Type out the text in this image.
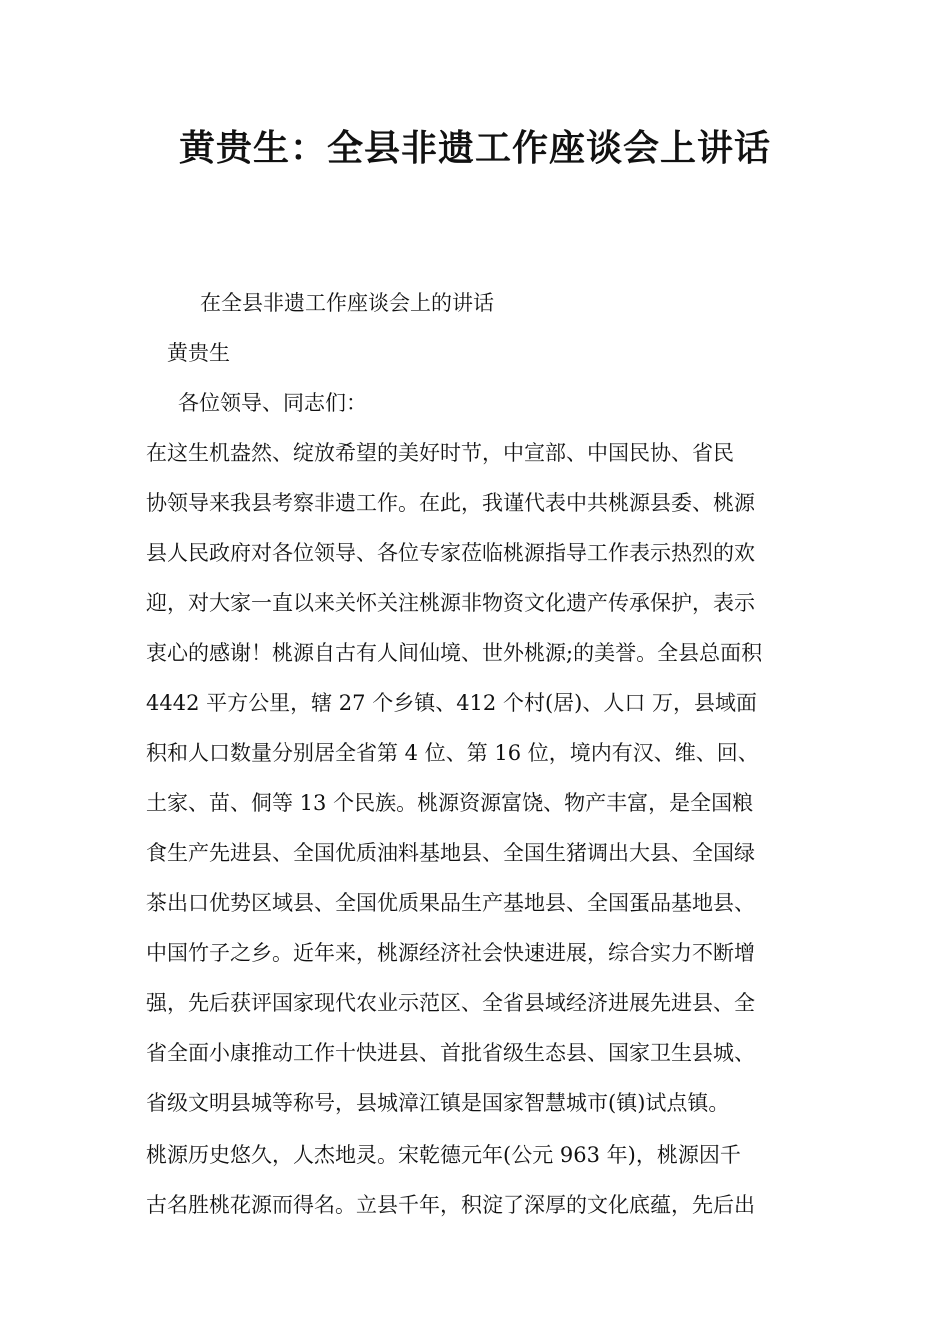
黄贵生：全县非遗工作座谈会上讲话

在全县非遗工作座谈会上的讲话

黄贵生

各位领导、同志们：

在这生机盎然、绽放希望的美好时节，中宣部、中国民协、省民
协领导来我县考察非遗工作。在此，我谨代表中共桃源县委、桃源
县人民政府对各位领导、各位专家莅临桃源指导工作表示热烈的欢
迎，对大家一直以来关怀关注桃源非物资文化遗产传承保护，表示
衷心的感谢！桃源自古有人间仙境、世外桃源;的美誉。全县总面积
4442 平方公里，辖 27 个乡镇、412 个村(居)、人口 万，县域面
积和人口数量分别居全省第 4 位、第 16 位，境内有汉、维、回、
土家、苗、侗等 13 个民族。桃源资源富饶、物产丰富，是全国粮
食生产先进县、全国优质油料基地县、全国生猪调出大县、全国绿
茶出口优势区域县、全国优质果品生产基地县、全国蛋品基地县、
中国竹子之乡。近年来，桃源经济社会快速进展，综合实力不断增
强，先后获评国家现代农业示范区、全省县域经济进展先进县、全
省全面小康推动工作十快进县、首批省级生态县、国家卫生县城、
省级文明县城等称号，县城漳江镇是国家智慧城市(镇)试点镇。
桃源历史悠久，人杰地灵。宋乾德元年(公元 963 年)，桃源因千
古名胜桃花源而得名。立县千年，积淀了深厚的文化底蕴，先后出
